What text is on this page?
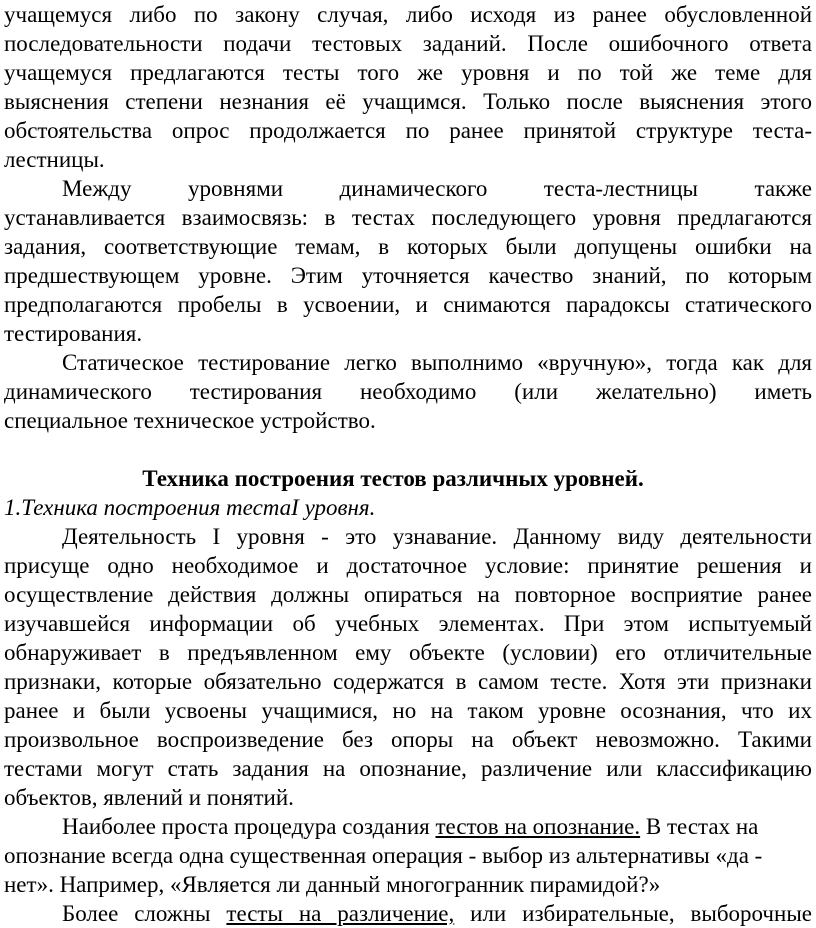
учащемуся либо по закону случая, либо исходя из ранее обусловленной
последовательности подачи тестовых заданий. После ошибочного ответа
учащемуся предлагаются тесты того же уровня и по той же теме для
выяснения степени незнания её учащимся. Только после выяснения этого
обстоятельства опрос продолжается по ранее принятой структуре теста-
лестницы.
Между уровнями динамического теста-лестницы также
устанавливается взаимосвязь: в тестах последующего уровня предлагаются
задания, соответствующие темам, в которых были допущены ошибки на
предшествующем уровне. Этим уточняется качество знаний, по которым
предполагаются пробелы в усвоении, и снимаются парадоксы статического
тестирования.
Статическое тестирование легко выполнимо «вручную», тогда как для
динамического тестирования необходимо (или желательно) иметь
специальное техническое устройство.
Техника построения тестов различных уровней.
1.Техника построения тестаI уровня.
Деятельность I уровня - это узнавание. Данному виду деятельности
присуще одно необходимое и достаточное условие: принятие решения и
осуществление действия должны опираться на повторное восприятие ранее
изучавшейся информации об учебных элементах. При этом испытуемый
обнаруживает в предъявленном ему объекте (условии) его отличительные
признаки, которые обязательно содержатся в самом тесте. Хотя эти признаки
ранее и были усвоены учащимися, но на таком уровне осознания, что их
произвольное воспроизведение без опоры на объект невозможно. Такими
тестами могут стать задания на опознание, различение или классификацию
объектов, явлений и понятий.
Наиболее проста процедура создания тестов на опознание. В тестах на
опознание всегда одна существенная операция - выбор из альтернативы «да -
нет». Например, «Является ли данный многогранник пирамидой?»
Более сложны тесты на различение, или избирательные, выборочные
